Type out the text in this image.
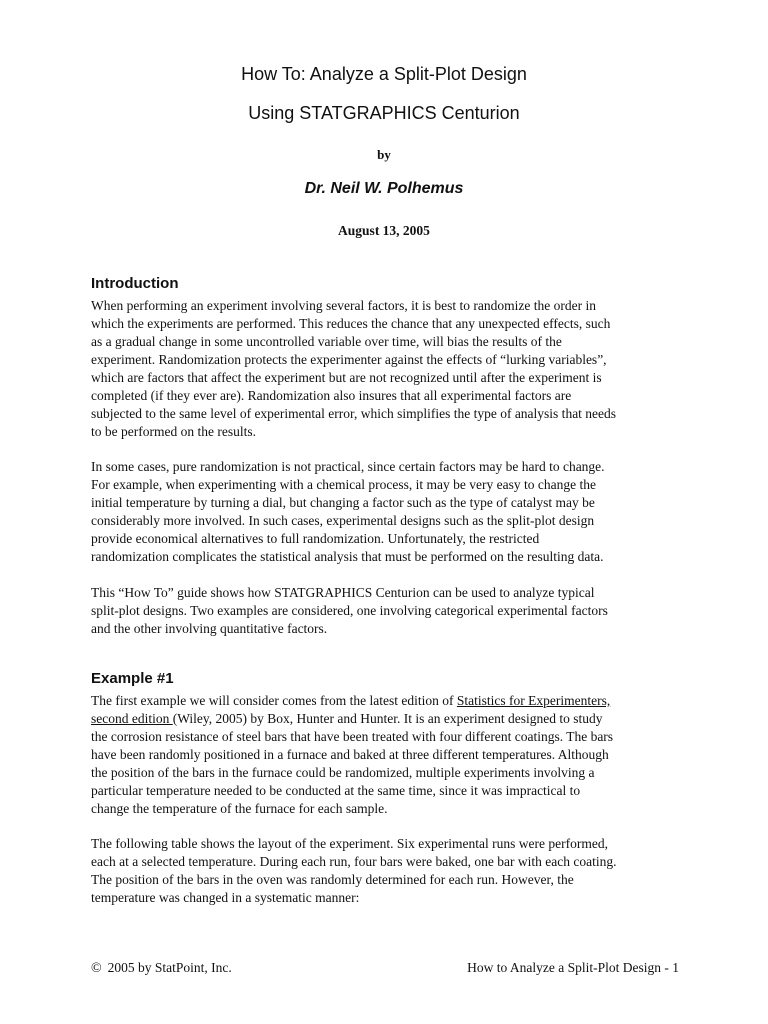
How To: Analyze a Split-Plot Design
Using STATGRAPHICS Centurion
by
Dr. Neil W. Polhemus
August 13, 2005
Introduction
When performing an experiment involving several factors, it is best to randomize the order in
which the experiments are performed. This reduces the chance that any unexpected effects, such
as a gradual change in some uncontrolled variable over time, will bias the results of the
experiment. Randomization protects the experimenter against the effects of “lurking variables”,
which are factors that affect the experiment but are not recognized until after the experiment is
completed (if they ever are). Randomization also insures that all experimental factors are
subjected to the same level of experimental error, which simplifies the type of analysis that needs
to be performed on the results.
In some cases, pure randomization is not practical, since certain factors may be hard to change.
For example, when experimenting with a chemical process, it may be very easy to change the
initial temperature by turning a dial, but changing a factor such as the type of catalyst may be
considerably more involved. In such cases, experimental designs such as the split-plot design
provide economical alternatives to full randomization. Unfortunately, the restricted
randomization complicates the statistical analysis that must be performed on the resulting data.
This “How To” guide shows how STATGRAPHICS Centurion can be used to analyze typical
split-plot designs. Two examples are considered, one involving categorical experimental factors
and the other involving quantitative factors.
Example #1
The first example we will consider comes from the latest edition of Statistics for Experimenters,
second edition (Wiley, 2005) by Box, Hunter and Hunter. It is an experiment designed to study
the corrosion resistance of steel bars that have been treated with four different coatings. The bars
have been randomly positioned in a furnace and baked at three different temperatures. Although
the position of the bars in the furnace could be randomized, multiple experiments involving a
particular temperature needed to be conducted at the same time, since it was impractical to
change the temperature of the furnace for each sample.
The following table shows the layout of the experiment. Six experimental runs were performed,
each at a selected temperature. During each run, four bars were baked, one bar with each coating.
The position of the bars in the oven was randomly determined for each run. However, the
temperature was changed in a systematic manner:
© 2005 by StatPoint, Inc.	How to Analyze a Split-Plot Design - 1
